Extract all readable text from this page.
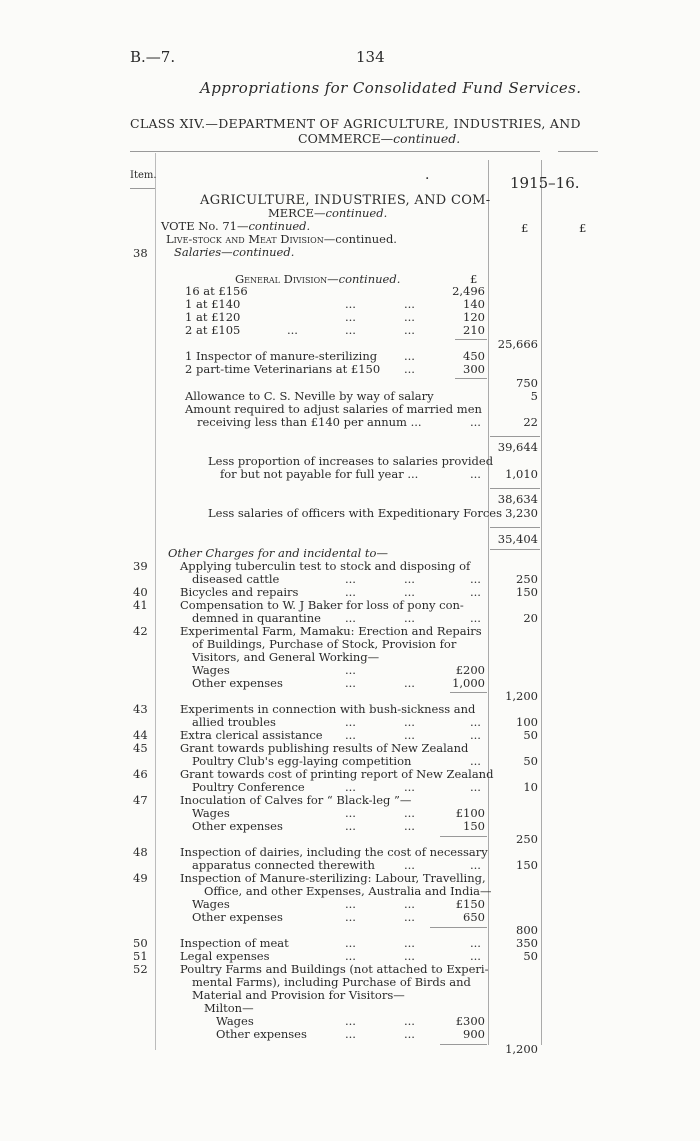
B.—7.	134
Appropriations for Consolidated Fund Services.
CLASS XIV.—DEPARTMENT OF AGRICULTURE, INDUSTRIES, AND
COMMERCE—continued.
Item.	1915–16.
·
£	£
AGRICULTURE, INDUSTRIES, AND COM-
MERCE—continued.
VOTE No. 71—continued.
Live-stock and Meat Division—continued.
Salaries—continued.
38
General Division—continued.	£
16 at £156	2,496
1 at £140	...	...	140
1 at £120	...	...	120
2 at £105	...	...	...	210
25,666
1 Inspector of manure-sterilizing ...	450
2 part-time Veterinarians at £150 ...	300
750
Allowance to C. S. Neville by way of salary	5
Amount required to adjust salaries of married men
receiving less than £140 per annum ...	...	22
39,644
Less proportion of increases to salaries provided
for but not payable for full year ...	...	1,010
38,634
Less salaries of officers with Expeditionary Forces 3,230
35,404
Other Charges for and incidental to—
39	Applying tuberculin test to stock and disposing of
diseased cattle	...	...	...	250
40	Bicycles and repairs	...	...	...	150
41	Compensation to W. J Baker for loss of pony con-
demned in quarantine ...	...	...	20
42	Experimental Farm, Mamaku: Erection and Repairs
of Buildings, Purchase of Stock, Provision for
Visitors, and General Working—
Wages	...	£200
Other expenses	...	...	1,000
1,200
43	Experiments in connection with bush-sickness and
allied troubles	...	...	...	100
44	Extra clerical assistance ...	...	...	50
45	Grant towards publishing results of New Zealand
Poultry Club's egg-laying competition	...	50
46	Grant towards cost of printing report of New Zealand
Poultry Conference	...	...	...	10
47	Inoculation of Calves for “ Black-leg ”—
Wages	...	...	£100
Other expenses	...	...	150
250
48	Inspection of dairies, including the cost of necessary
apparatus connected therewith	...	...	150
49	Inspection of Manure-sterilizing: Labour, Travelling,
Office, and other Expenses, Australia and India—
Wages	...	...	£150
Other expenses	...	...	650
800
50	Inspection of meat	...	...	...	350
51	Legal expenses	...	...	...	50
52	Poultry Farms and Buildings (not attached to Experi-
mental Farms), including Purchase of Birds and
Material and Provision for Visitors—
Milton—
Wages	...	...	£300
Other expenses	...	...	900
1,200
